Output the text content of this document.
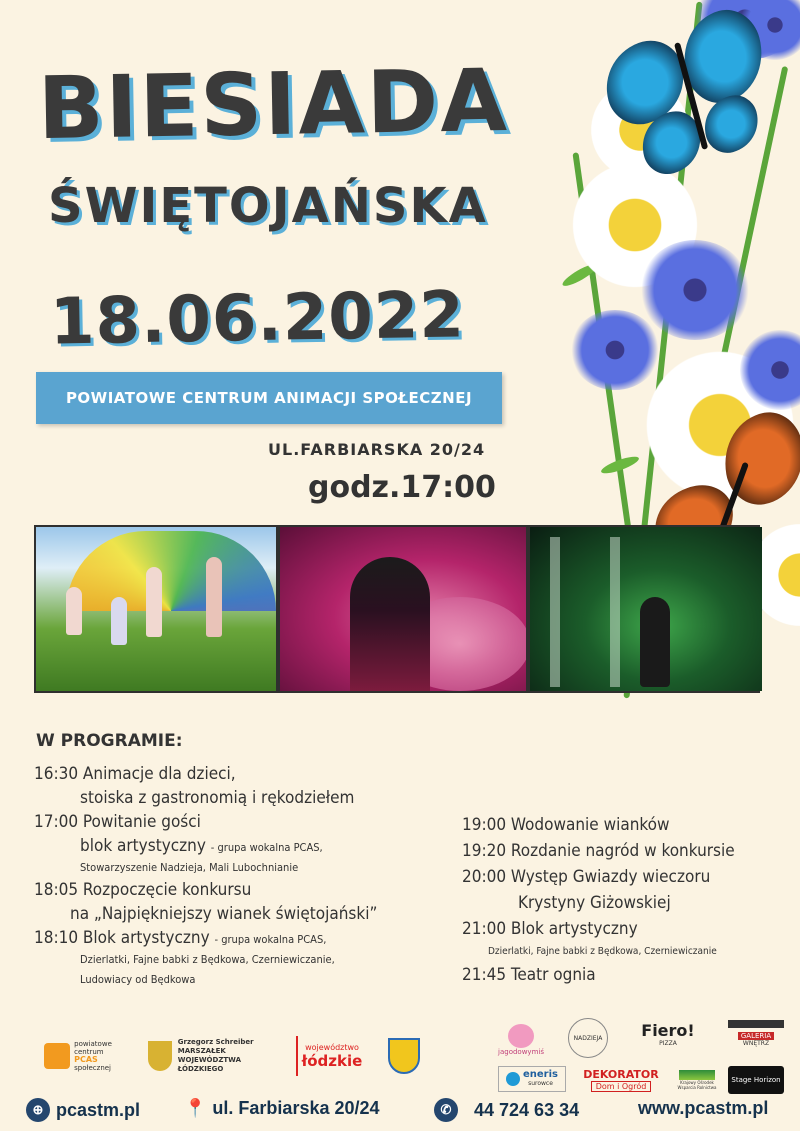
BIESIADA
ŚWIĘTOJAŃSKA
18.06.2022
POWIATOWE CENTRUM ANIMACJI SPOŁECZNEJ
UL.FARBIARSKA 20/24
godz.17:00
W PROGRAMIE:
16:30 Animacje dla dzieci,
stoiska z gastronomią i rękodziełem
17:00 Powitanie gości
blok artystyczny - grupa wokalna PCAS,
Stowarzyszenie Nadzieja, Mali Lubochnianie
18:05 Rozpoczęcie konkursu
na „Najpiękniejszy wianek świętojański”
18:10 Blok artystyczny - grupa wokalna PCAS,
Dzierlatki, Fajne babki z Będkowa, Czerniewiczanie,
Ludowiacy od Będkowa
19:00 Wodowanie wianków
19:20 Rozdanie nagród w konkursie
20:00 Występ Gwiazdy wieczoru
Krystyny Giżowskiej
21:00 Blok artystyczny
Dzierlatki, Fajne babki z Będkowa, Czerniewiczanie
21:45 Teatr ognia
powiatowe
centrum
PCAS
społecznej
Grzegorz Schreiber
MARSZAŁEK
WOJEWÓDZTWA ŁÓDZKIEGO
województwo
łódzkie	jagodowymiś
NADZIEJA Fiero!
PIZZA
GALERIA
WNĘTRZ
eneris
surowce
DEKORATOR
Dom i Ogród	Krajowy Ośrodek Wsparcia Rolnictwa
Stage Horizon
⊕ pcastm.pl 📍 ul. Farbiarska 20/24	✆	44 724 63 34	www.pcastm.pl
